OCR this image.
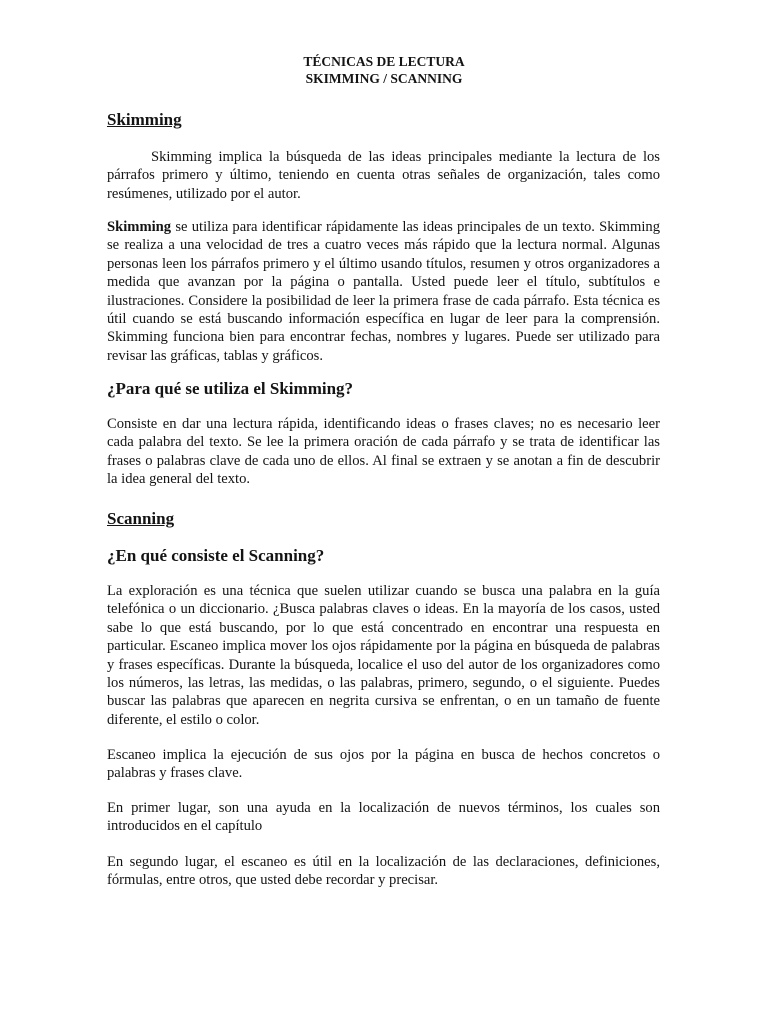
TÉCNICAS DE LECTURA
SKIMMING / SCANNING
Skimming

Skimming implica la búsqueda de las ideas principales mediante la lectura de los párrafos primero y último, teniendo en cuenta otras señales de organización, tales como resúmenes, utilizado por el autor.

Skimming se utiliza para identificar rápidamente las ideas principales de un texto. Skimming se realiza a una velocidad de tres a cuatro veces más rápido que la lectura normal. Algunas personas leen los párrafos primero y el último usando títulos, resumen y otros organizadores a medida que avanzan por la página o pantalla. Usted puede leer el título, subtítulos e ilustraciones. Considere la posibilidad de leer la primera frase de cada párrafo. Esta técnica es útil cuando se está buscando información específica en lugar de leer para la comprensión. Skimming funciona bien para encontrar fechas, nombres y lugares. Puede ser utilizado para revisar las gráficas, tablas y gráficos.

¿Para qué se utiliza el Skimming?

Consiste en dar una lectura rápida, identificando ideas o frases claves; no es necesario leer cada palabra del texto. Se lee la primera oración de cada párrafo y se trata de identificar las frases o palabras clave de cada uno de ellos. Al final se extraen y se anotan a fin de descubrir la idea general del texto.

Scanning
¿En qué consiste el Scanning?

La exploración es una técnica que suelen utilizar cuando se busca una palabra en la guía telefónica o un diccionario. ¿Busca palabras claves o ideas. En la mayoría de los casos, usted sabe lo que está buscando, por lo que está concentrado en encontrar una respuesta en particular. Escaneo implica mover los ojos rápidamente por la página en búsqueda de palabras y frases específicas. Durante la búsqueda, localice el uso del autor de los organizadores como los números, las letras, las medidas, o las palabras, primero, segundo, o el siguiente. Puedes buscar las palabras que aparecen en negrita cursiva se enfrentan, o en un tamaño de fuente diferente, el estilo o color.

Escaneo implica la ejecución de sus ojos por la página en busca de hechos concretos o palabras y frases clave.

En primer lugar, son una ayuda en la localización de nuevos términos, los cuales son introducidos en el capítulo

En segundo lugar, el escaneo es útil en la localización de las declaraciones, definiciones, fórmulas, entre otros, que usted debe recordar y precisar.
